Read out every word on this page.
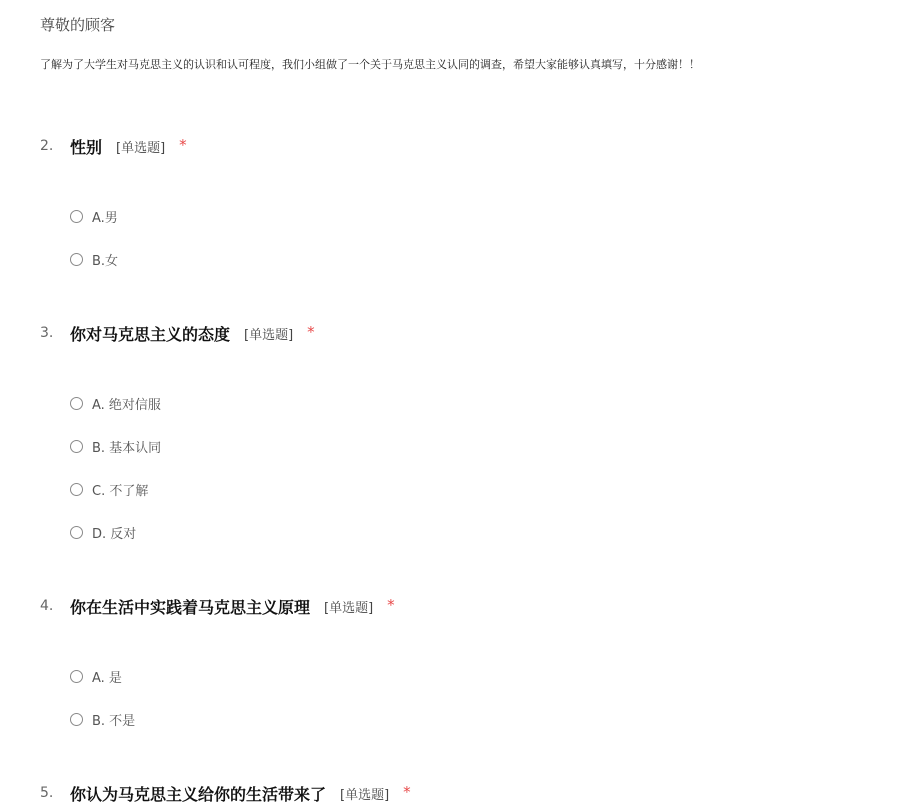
尊敬的顾客
了解为了大学生对马克思主义的认识和认可程度，我们小组做了一个关于马克思主义认同的调查，希望大家能够认真填写，十分感谢！！
2.	性别 [单选题] *
A.男
B.女
3.	你对马克思主义的态度 [单选题] *
A. 绝对信服
B. 基本认同
C. 不了解
D. 反对
4.	你在生活中实践着马克思主义原理 [单选题] *
A. 是
B. 不是
5.	你认为马克思主义给你的生活带来了 [单选题] *
